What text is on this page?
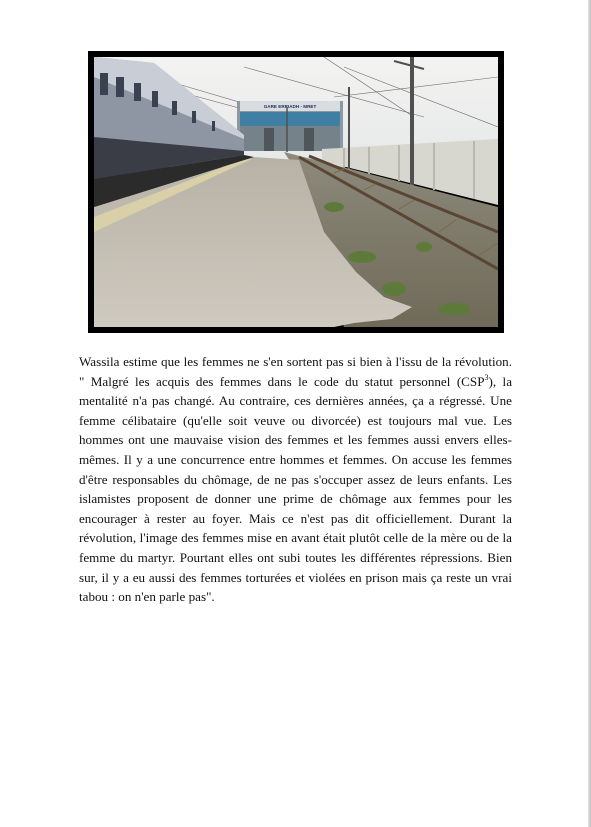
GARE ERRIADH - MRET

Wassila estime que les femmes ne s'en sortent pas si bien à l'issu de la révolution. " Malgré les acquis des femmes dans le code du statut personnel (CSP$^3$), la mentalité n'a pas changé. Au contraire, ces dernières années, ça a régressé. Une femme célibataire (qu'elle soit veuve ou divorcée) est toujours mal vue. Les hommes ont une mauvaise vision des femmes et les femmes aussi envers elles-mêmes. Il y a une concurrence entre hommes et femmes. On accuse les femmes d'être responsables du chômage, de ne pas s'occuper assez de leurs enfants. Les islamistes proposent de donner une prime de chômage aux femmes pour les encourager à rester au foyer. Mais ce n'est pas dit officiellement. Durant la révolution, l'image des femmes mise en avant était plutôt celle de la mère ou de la femme du martyr. Pourtant elles ont subi toutes les différentes répressions. Bien sur, il y a eu aussi des femmes torturées et violées en prison mais ça reste un vrai tabou : on n'en parle pas".
